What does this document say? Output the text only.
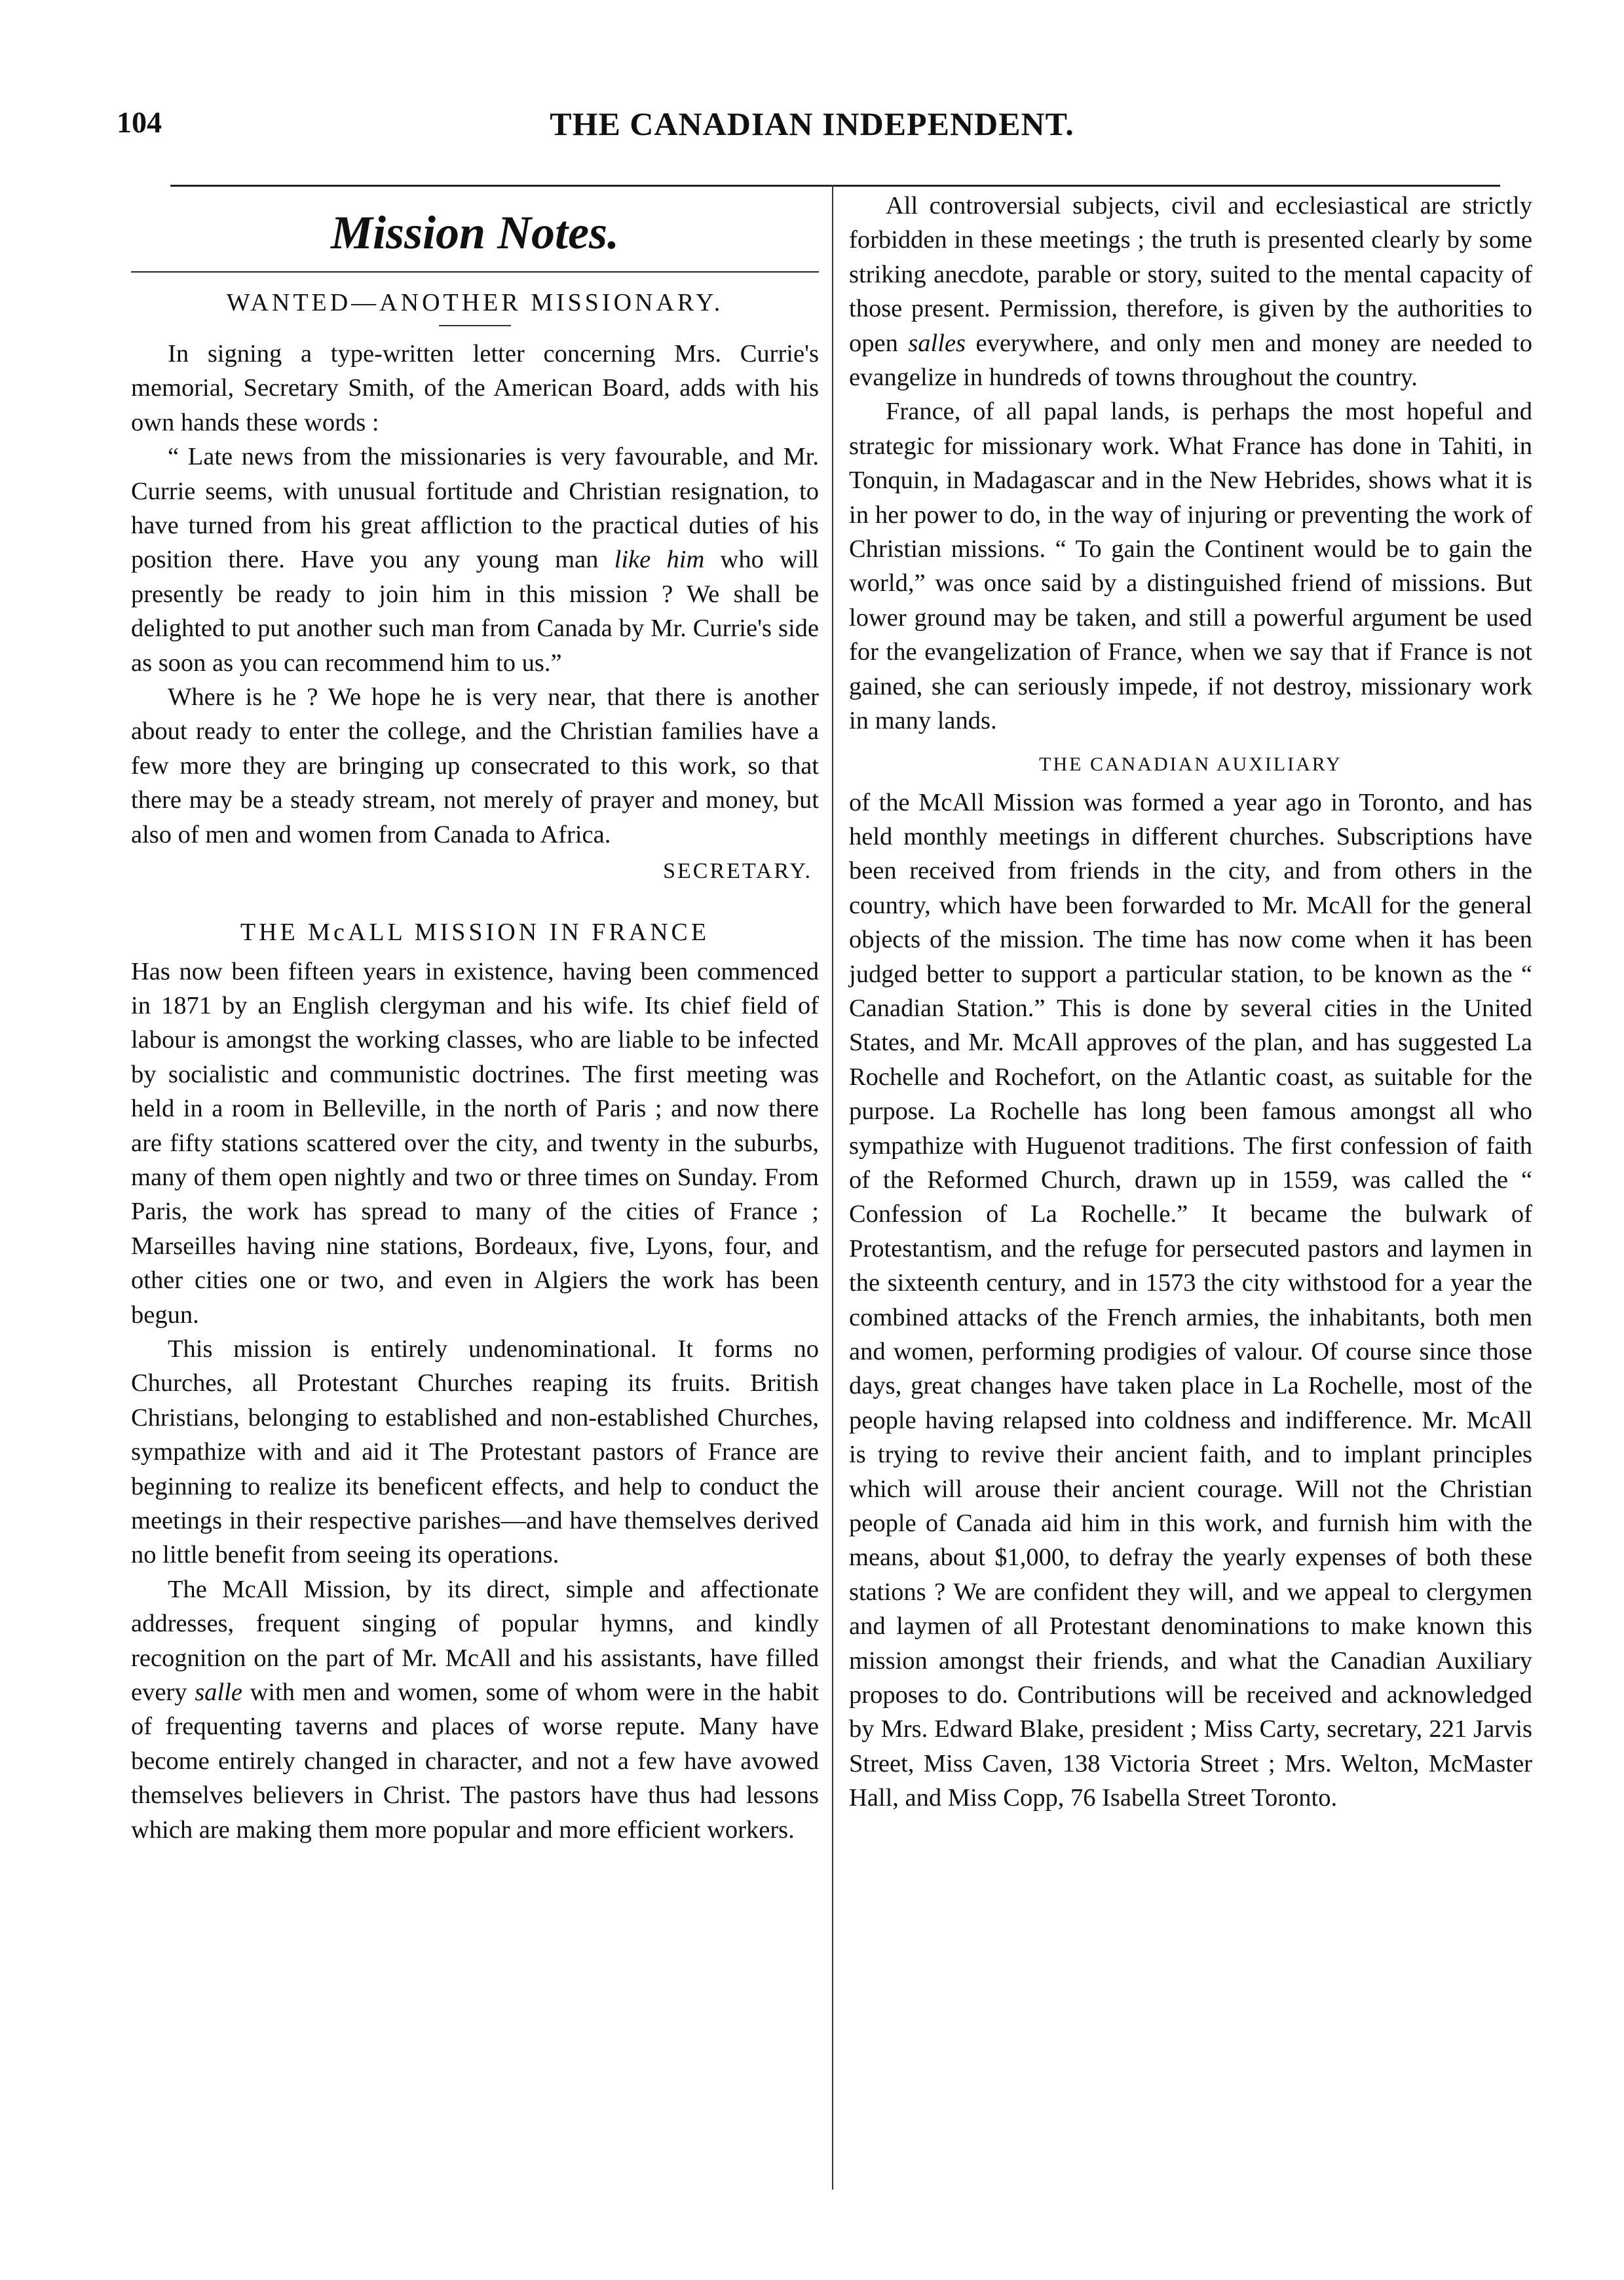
104	THE CANADIAN INDEPENDENT.
Mission Notes.
WANTED—ANOTHER MISSIONARY.

In signing a type-written letter concerning Mrs. Currie's memorial, Secretary Smith, of the American Board, adds with his own hands these words :

“ Late news from the missionaries is very favourable, and Mr. Currie seems, with unusual fortitude and Christian resignation, to have turned from his great affliction to the practical duties of his position there. Have you any young man like him who will presently be ready to join him in this mission ? We shall be delighted to put another such man from Canada by Mr. Currie's side as soon as you can recommend him to us.”

Where is he ? We hope he is very near, that there is another about ready to enter the college, and the Christian families have a few more they are bringing up consecrated to this work, so that there may be a steady stream, not merely of prayer and money, but also of men and women from Canada to Africa.

SECRETARY.
THE McALL MISSION IN FRANCE

Has now been fifteen years in existence, having been commenced in 1871 by an English clergyman and his wife. Its chief field of labour is amongst the working classes, who are liable to be infected by socialistic and communistic doctrines. The first meeting was held in a room in Belleville, in the north of Paris ; and now there are fifty stations scattered over the city, and twenty in the suburbs, many of them open nightly and two or three times on Sunday. From Paris, the work has spread to many of the cities of France ; Marseilles having nine stations, Bordeaux, five, Lyons, four, and other cities one or two, and even in Algiers the work has been begun.

This mission is entirely undenominational. It forms no Churches, all Protestant Churches reaping its fruits. British Christians, belonging to established and non-established Churches, sympathize with and aid it The Protestant pastors of France are beginning to realize its beneficent effects, and help to conduct the meetings in their respective parishes—and have themselves derived no little benefit from seeing its operations.

The McAll Mission, by its direct, simple and affectionate addresses, frequent singing of popular hymns, and kindly recognition on the part of Mr. McAll and his assistants, have filled every salle with men and women, some of whom were in the habit of frequenting taverns and places of worse repute. Many have become entirely changed in character, and not a few have avowed themselves believers in Christ. The pastors have thus had lessons which are making them more popular and more efficient workers.

All controversial subjects, civil and ecclesiastical are strictly forbidden in these meetings ; the truth is presented clearly by some striking anecdote, parable or story, suited to the mental capacity of those present. Permission, therefore, is given by the authorities to open salles everywhere, and only men and money are needed to evangelize in hundreds of towns throughout the country.

France, of all papal lands, is perhaps the most hopeful and strategic for missionary work. What France has done in Tahiti, in Tonquin, in Madagascar and in the New Hebrides, shows what it is in her power to do, in the way of injuring or preventing the work of Christian missions. “ To gain the Continent would be to gain the world,” was once said by a distinguished friend of missions. But lower ground may be taken, and still a powerful argument be used for the evangelization of France, when we say that if France is not gained, she can seriously impede, if not destroy, missionary work in many lands.

THE CANADIAN AUXILIARY

of the McAll Mission was formed a year ago in Toronto, and has held monthly meetings in different churches. Subscriptions have been received from friends in the city, and from others in the country, which have been forwarded to Mr. McAll for the general objects of the mission. The time has now come when it has been judged better to support a particular station, to be known as the “ Canadian Station.” This is done by several cities in the United States, and Mr. McAll approves of the plan, and has suggested La Rochelle and Rochefort, on the Atlantic coast, as suitable for the purpose. La Rochelle has long been famous amongst all who sympathize with Huguenot traditions. The first confession of faith of the Reformed Church, drawn up in 1559, was called the “ Confession of La Rochelle.” It became the bulwark of Protestantism, and the refuge for persecuted pastors and laymen in the sixteenth century, and in 1573 the city withstood for a year the combined attacks of the French armies, the inhabitants, both men and women, performing prodigies of valour. Of course since those days, great changes have taken place in La Rochelle, most of the people having relapsed into coldness and indifference. Mr. McAll is trying to revive their ancient faith, and to implant principles which will arouse their ancient courage. Will not the Christian people of Canada aid him in this work, and furnish him with the means, about $1,000, to defray the yearly expenses of both these stations ? We are confident they will, and we appeal to clergymen and laymen of all Protestant denominations to make known this mission amongst their friends, and what the Canadian Auxiliary proposes to do. Contributions will be received and acknowledged by Mrs. Edward Blake, president ; Miss Carty, secretary, 221 Jarvis Street, Miss Caven, 138 Victoria Street ; Mrs. Welton, McMaster Hall, and Miss Copp, 76 Isabella Street Toronto.
